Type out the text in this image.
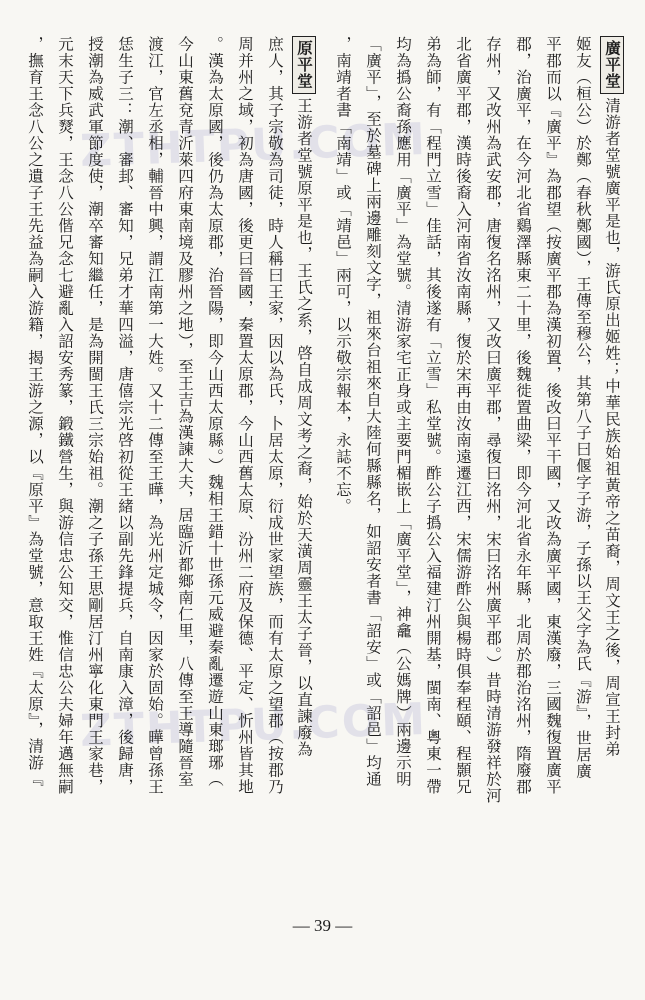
ZTHTPU.COM
ZTHTPU.COM
廣平堂清游者堂號廣平是也，游氏原出姬姓；中華民族始祖黃帝之苗裔，周文王之後，周宣王封弟
姬友（桓公）於鄭（春秋鄭國），王傳至穆公，其第八子曰偃字子游，子孫以王父字為氏『游』，世居廣
平郡而以『廣平』為郡望（按廣平郡為漢初置，後改曰平干國，又改為廣平國，東漢廢，三國魏復置廣平
郡，治廣平，在今河北省鷄澤縣東二十里，後魏徙置曲梁，即今河北省永年縣，北周於郡治洺州，隋廢郡
存州，又改州為武安郡，唐復名洺州，又改曰廣平郡，尋復曰洺州，宋曰洺州廣平郡。）昔時清游發祥於河
北省廣平郡，漢時後裔入河南省汝南縣，復於宋再由汝南遠遷江西，宋儒游酢公與楊時俱奉程頤、程顥兄
弟為師，有「程門立雪」佳話，其後遂有「立雪」私堂號。酢公子撝公入福建汀州開基，閩南、粵東一帶
均為撝公裔孫應用「廣平」為堂號。清游家宅正身或主要門楣嵌上「廣平堂」，神龕（公媽牌）兩邊示明
「廣平」，至於墓碑上兩邊雕刻文字，祖來台祖來自大陸何縣縣名，如詔安者書「詔安」或「詔邑」均通
，南靖者書「南靖」或「靖邑」兩可，以示敬宗報本，永誌不忘。
原平堂王游者堂號原平是也，王氏之系，啓自成周文考之裔，始於天潢周靈王太子晉，以直諫廢為
庶人，其子宗敬為司徒，時人稱曰王家，因以為氏，卜居太原，衍成世家望族，而有太原之望郡（按郡乃
周并州之域，初為唐國，後更曰晉國，秦置太原郡，今山西舊太原、汾州二府及保德、平定、忻州皆其地
。漢為太原國，後仍為太原郡，治晉陽，即今山西太原縣。）魏相王錯十世孫元威避秦亂遷遊山東瑯琊（
今山東舊兗青沂萊四府東南境及膠州之地），至王吉為漢諫大夫，居臨沂都鄉南仁里，八傳至王導隨晉室
渡江，官左丞相，輔晉中興，謂江南第一大姓。又十二傳至王曄，為光州定城令，因家於固始。曄曾孫王
恁生子三：潮、審邽、審知，兄弟才華四溢，唐僖宗光啓初從王緒以副先鋒提兵，自南康入漳，後歸唐，
授潮為威武軍節度使，潮卒審知繼任，是為開閩王氏三宗始祖。潮之子孫王思剛居汀州寧化東門王家巷，
元末天下兵燹，王念八公偕兄念七避亂入詔安秀篆，鍛鐵營生，與游信忠公知交，惟信忠公夫婦年邁無嗣
，撫育王念八公之遺子王先益為嗣入游籍，揭王游之源，以『原平』為堂號，意取王姓『太原』，清游『
— 39 —
